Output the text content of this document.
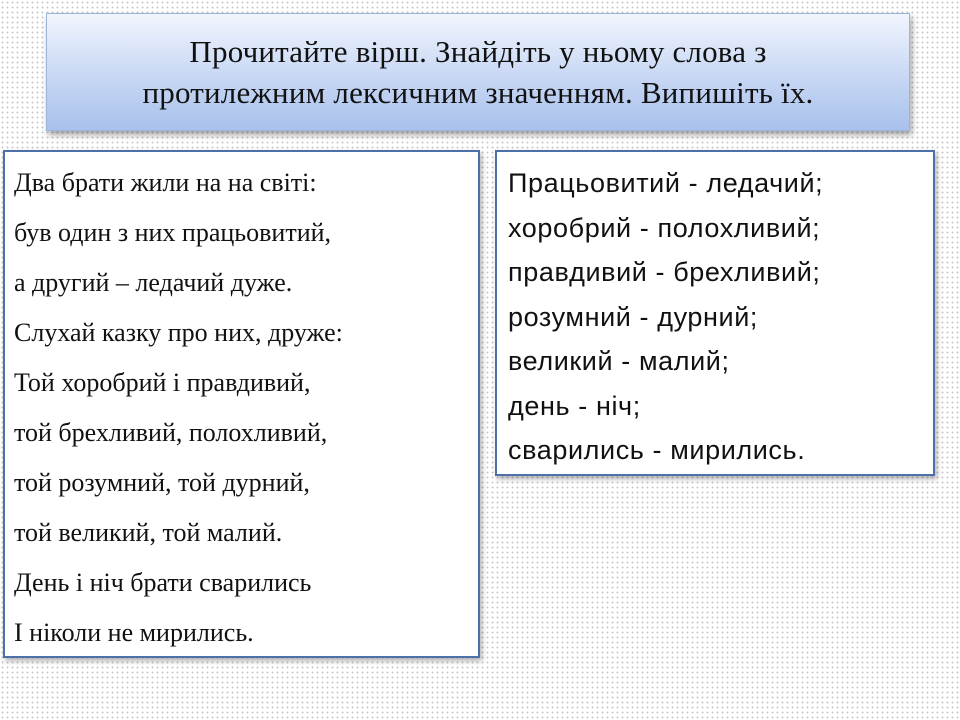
Прочитайте вірш. Знайдіть у ньому слова з
протилежним лексичним значенням. Випишіть їх.
Два брати жили на на світі:
був один з них працьовитий,
а другий – ледачий дуже.
Слухай казку про них, друже:
Той хоробрий і правдивий,
той брехливий, полохливий,
той розумний, той дурний,
той великий, той малий.
День і ніч брати сварились
І ніколи не мирились.
Працьовитий - ледачий;
хоробрий - полохливий;
правдивий - брехливий;
розумний - дурний;
великий - малий;
день - ніч;
сварились - мирились.
